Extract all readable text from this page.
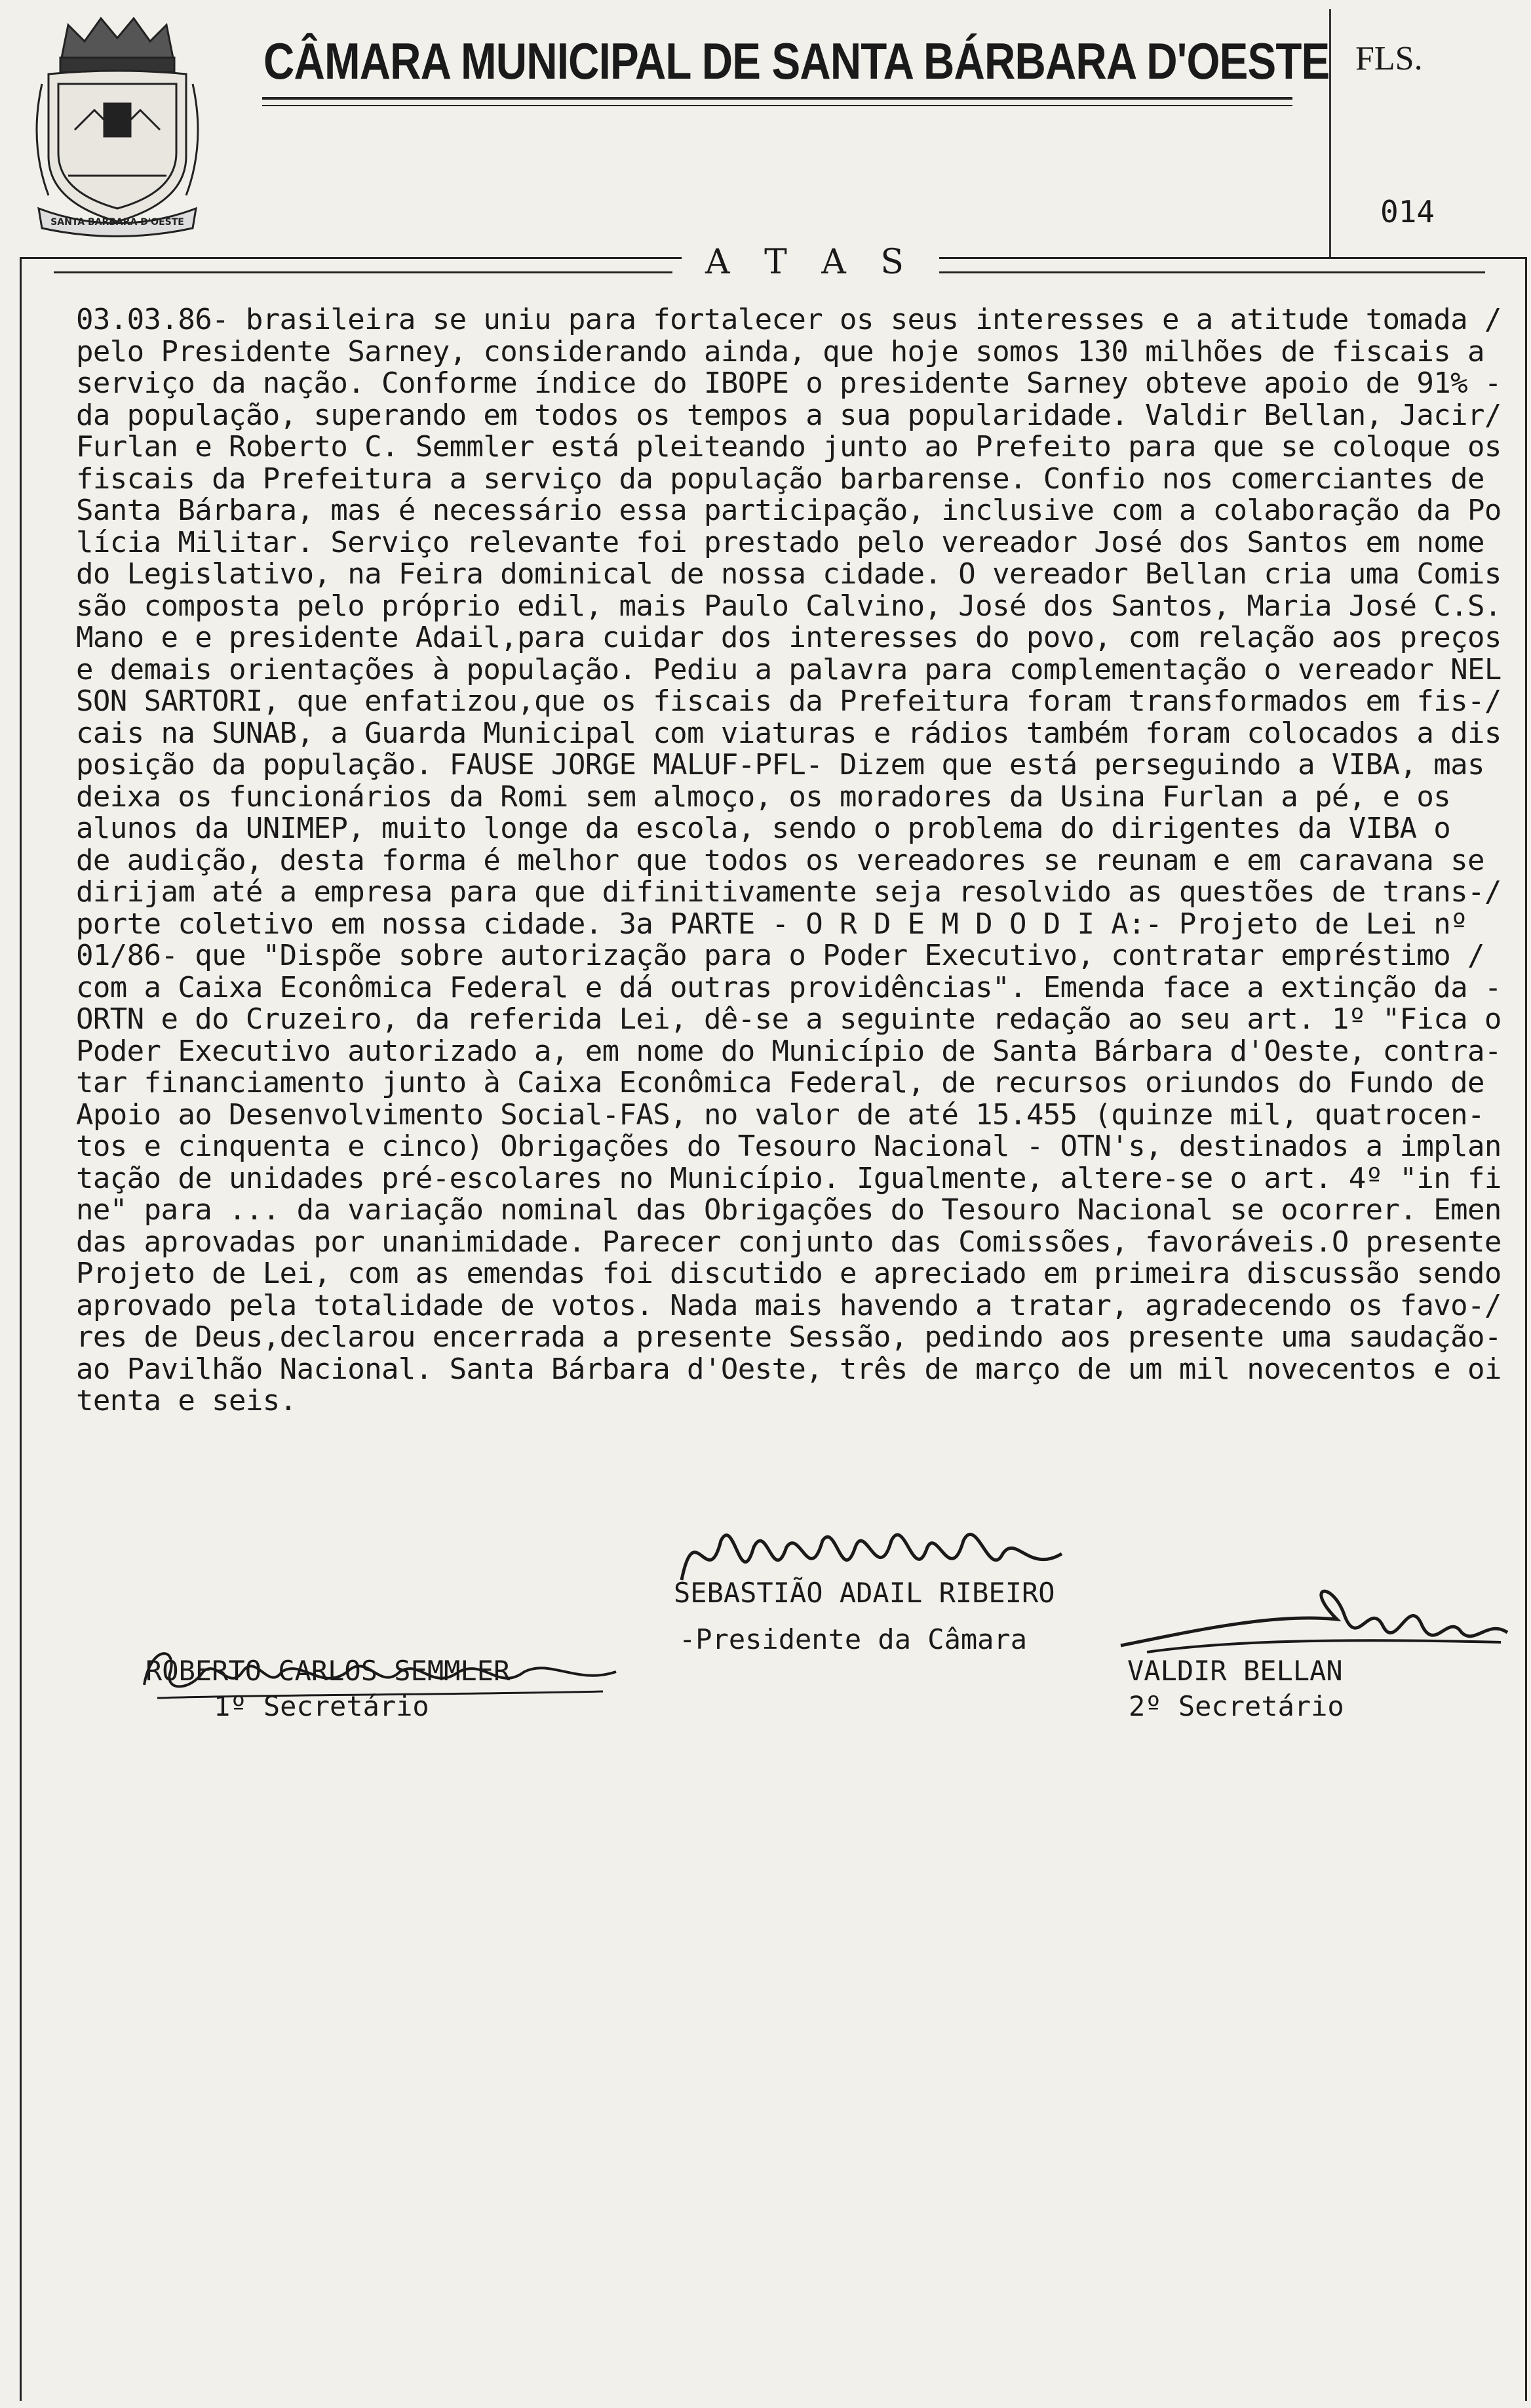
SANTA BARBARA D'OESTE
CÂMARA MUNICIPAL DE SANTA BÁRBARA D'OESTE FLS.
014
A T A S
03.03.86- brasileira se uniu para fortalecer os seus interesses e a atitude tomada /
pelo Presidente Sarney, considerando ainda, que hoje somos 130 milhões de fiscais a
serviço da nação. Conforme índice do IBOPE o presidente Sarney obteve apoio de 91% -
da população, superando em todos os tempos a sua popularidade. Valdir Bellan, Jacir/
Furlan e Roberto C. Semmler está pleiteando junto ao Prefeito para que se coloque os
fiscais da Prefeitura a serviço da população barbarense. Confio nos comerciantes de
Santa Bárbara, mas é necessário essa participação, inclusive com a colaboração da Po
lícia Militar. Serviço relevante foi prestado pelo vereador José dos Santos em nome
do Legislativo, na Feira dominical de nossa cidade. O vereador Bellan cria uma Comis
são composta pelo próprio edil, mais Paulo Calvino, José dos Santos, Maria José C.S.
Mano e e presidente Adail,para cuidar dos interesses do povo, com relação aos preços
e demais orientações à população. Pediu a palavra para complementação o vereador NEL
SON SARTORI, que enfatizou,que os fiscais da Prefeitura foram transformados em fis-/
cais na SUNAB, a Guarda Municipal com viaturas e rádios também foram colocados a dis
posição da população. FAUSE JORGE MALUF-PFL- Dizem que está perseguindo a VIBA, mas
deixa os funcionários da Romi sem almoço, os moradores da Usina Furlan a pé, e os
alunos da UNIMEP, muito longe da escola, sendo o problema do dirigentes da VIBA o
de audição, desta forma é melhor que todos os vereadores se reunam e em caravana se
dirijam até a empresa para que difinitivamente seja resolvido as questões de trans-/
porte coletivo em nossa cidade. 3a PARTE - O R D E M D O D I A:- Projeto de Lei nº
01/86- que "Dispõe sobre autorização para o Poder Executivo, contratar empréstimo /
com a Caixa Econômica Federal e dá outras providências". Emenda face a extinção da -
ORTN e do Cruzeiro, da referida Lei, dê-se a seguinte redação ao seu art. 1º "Fica o
Poder Executivo autorizado a, em nome do Município de Santa Bárbara d'Oeste, contra-
tar financiamento junto à Caixa Econômica Federal, de recursos oriundos do Fundo de
Apoio ao Desenvolvimento Social-FAS, no valor de até 15.455 (quinze mil, quatrocen-
tos e cinquenta e cinco) Obrigações do Tesouro Nacional - OTN's, destinados a implan
tação de unidades pré-escolares no Município. Igualmente, altere-se o art. 4º "in fi
ne" para ... da variação nominal das Obrigações do Tesouro Nacional se ocorrer. Emen
das aprovadas por unanimidade. Parecer conjunto das Comissões, favoráveis.O presente
Projeto de Lei, com as emendas foi discutido e apreciado em primeira discussão sendo
aprovado pela totalidade de votos. Nada mais havendo a tratar, agradecendo os favo-/
res de Deus,declarou encerrada a presente Sessão, pedindo aos presente uma saudação-
ao Pavilhão Nacional. Santa Bárbara d'Oeste, três de março de um mil novecentos e oi
tenta e seis.
SEBASTIÃO ADAIL RIBEIRO
-Presidente da Câmara
ROBERTO CARLOS SEMMLER
1º Secretário
VALDIR BELLAN
2º Secretário
